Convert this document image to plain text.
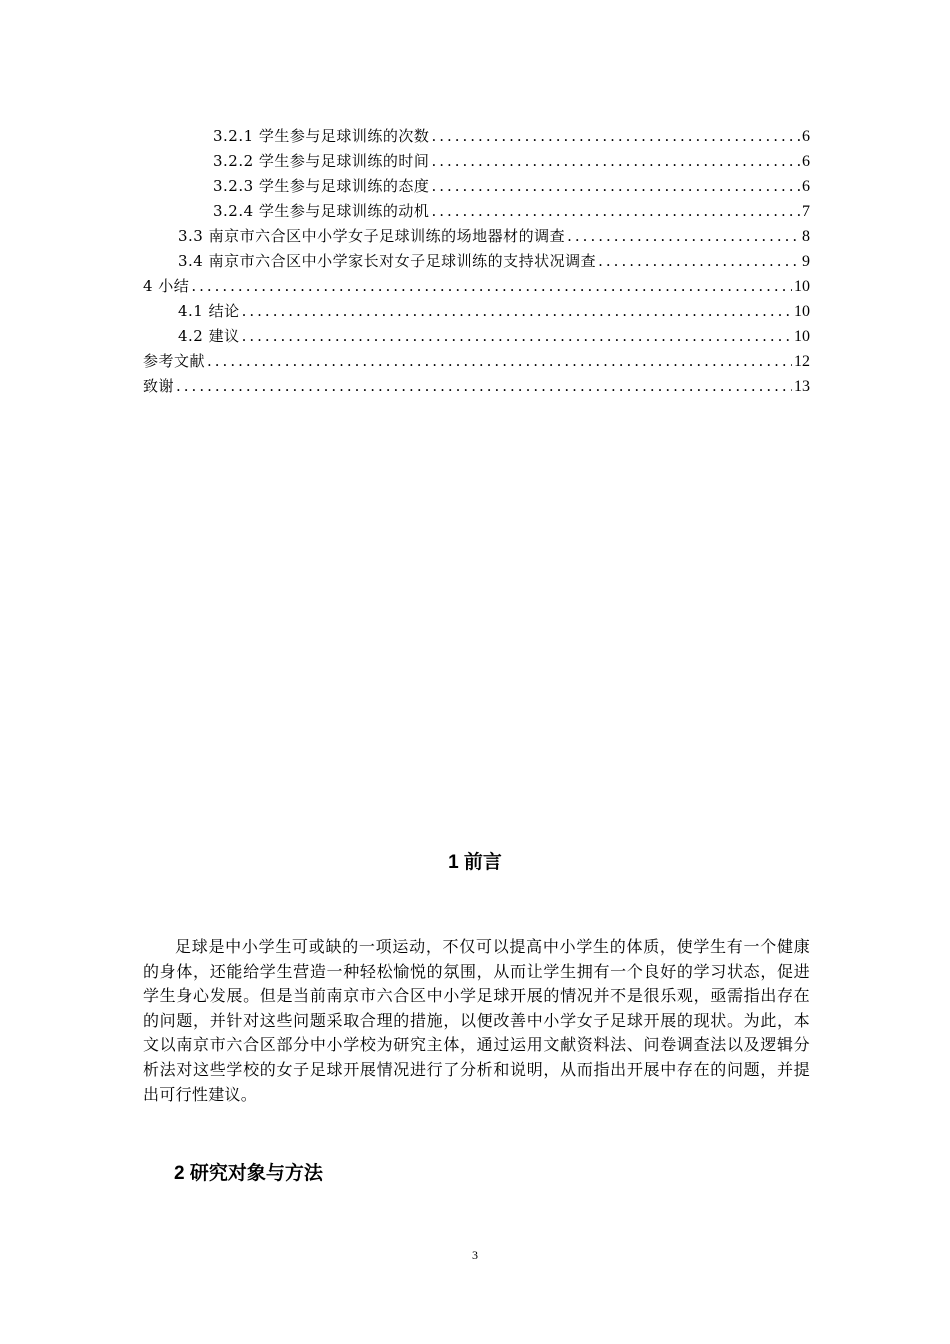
3.2.1 学生参与足球训练的次数 .....	6
3.2.2 学生参与足球训练的时间 .....	6
3.2.3 学生参与足球训练的态度 .....	6
3.2.4 学生参与足球训练的动机 .....	7
3.3 南京市六合区中小学女子足球训练的场地器材的调查 .....	8
3.4 南京市六合区中小学家长对女子足球训练的支持状况调查 .....	9
4 小结 .....	10
4.1 结论 .....	10
4.2 建议 .....	10
参考文献 .....	12
致谢 .....	13
1 前言

足球是中小学生可或缺的一项运动，不仅可以提高中小学生的体质，使学生有一个健康的身体，还能给学生营造一种轻松愉悦的氛围，从而让学生拥有一个良好的学习状态，促进学生身心发展。但是当前南京市六合区中小学足球开展的情况并不是很乐观，亟需指出存在的问题，并针对这些问题采取合理的措施，以便改善中小学女子足球开展的现状。为此，本文以南京市六合区部分中小学校为研究主体，通过运用文献资料法、问卷调查法以及逻辑分析法对这些学校的女子足球开展情况进行了分析和说明，从而指出开展中存在的问题，并提出可行性建议。

2 研究对象与方法
3
